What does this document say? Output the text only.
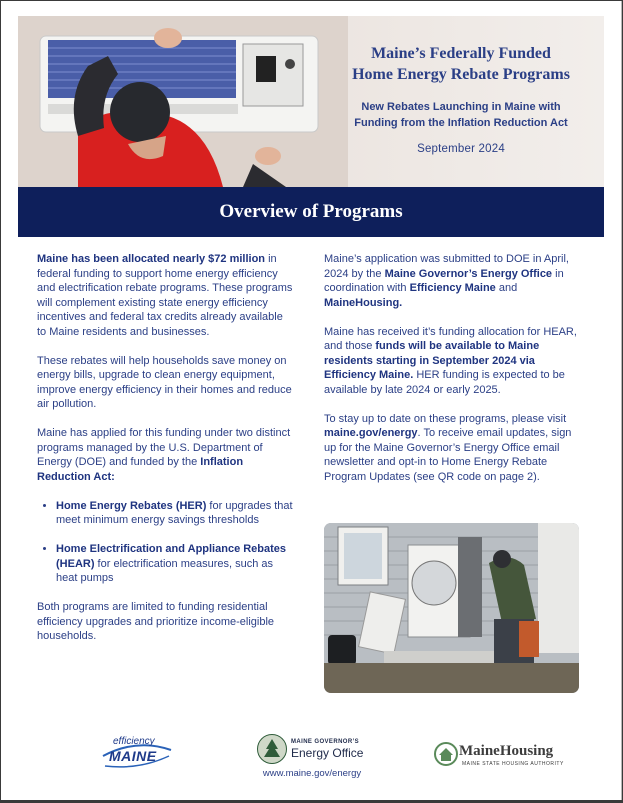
Maine’s Federally Funded
Home Energy Rebate Programs

New Rebates Launching in Maine with
Funding from the Inflation Reduction Act

September 2024

Overview of Programs

Maine has been allocated nearly $72 million in federal funding to support home energy efficiency and electrification rebate programs. These programs will complement existing state energy efficiency incentives and federal tax credits already available to Maine residents and businesses.

These rebates will help households save money on energy bills, upgrade to clean energy equipment, improve energy efficiency in their homes and reduce air pollution.

Maine has applied for this funding under two distinct programs managed by the U.S. Department of Energy (DOE) and funded by the Inflation Reduction Act:

• Home Energy Rebates (HER) for upgrades that meet minimum energy savings thresholds
• Home Electrification and Appliance Rebates (HEAR) for electrification measures, such as heat pumps

Both programs are limited to funding residential efficiency upgrades and prioritize income-eligible households.

Maine’s application was submitted to DOE in April, 2024 by the Maine Governor’s Energy Office in coordination with Efficiency Maine and MaineHousing.

Maine has received it’s funding allocation for HEAR, and those funds will be available to Maine residents starting in September 2024 via Efficiency Maine. HER funding is expected to be available by late 2024 or early 2025.

To stay up to date on these programs, please visit maine.gov/energy. To receive email updates, sign up for the Maine Governor’s Energy Office email newsletter and opt-in to Home Energy Rebate Program Updates (see QR code on page 2).

efficiency
MAINE
MAINE GOVERNOR’S
Energy Office
www.maine.gov/energy
MaineHousing
MAINE STATE HOUSING AUTHORITY
